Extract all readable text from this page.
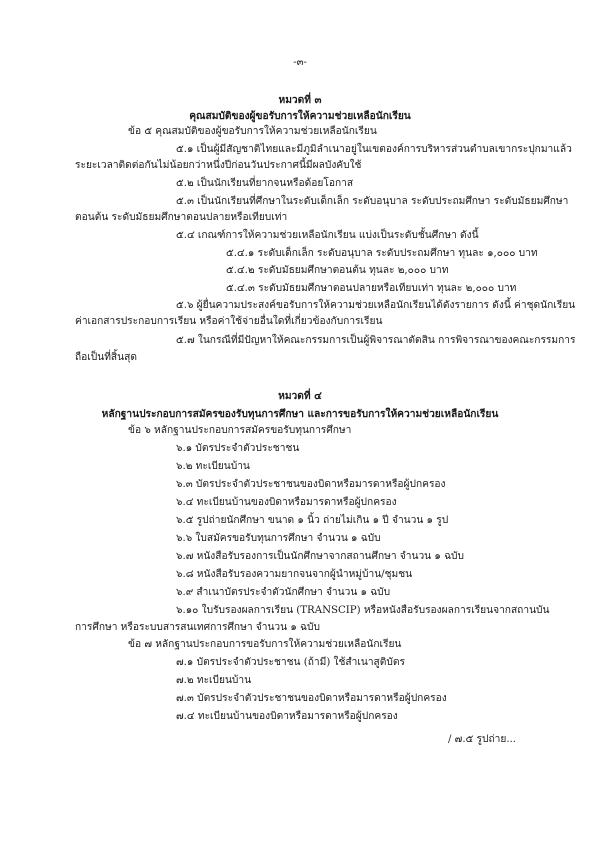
-๓-
หมวดที่ ๓
คุณสมบัติของผู้ขอรับการให้ความช่วยเหลือนักเรียน
ข้อ ๕ คุณสมบัติของผู้ขอรับการให้ความช่วยเหลือนักเรียน
๕.๑ เป็นผู้มีสัญชาติไทยและมีภูมิลำเนาอยู่ในเขตองค์การบริหารส่วนตำบลเขากระปุกมาแล้ว
ระยะเวลาติดต่อกันไม่น้อยกว่าหนึ่งปีก่อนวันประกาศนี้มีผลบังคับใช้
๕.๒ เป็นนักเรียนที่ยากจนหรือด้อยโอกาส
๕.๓ เป็นนักเรียนที่ศึกษาในระดับเด็กเล็ก ระดับอนุบาล ระดับประถมศึกษา ระดับมัธยมศึกษา
ตอนต้น ระดับมัธยมศึกษาตอนปลายหรือเทียบเท่า
๕.๔ เกณฑ์การให้ความช่วยเหลือนักเรียน แบ่งเป็นระดับชั้นศึกษา ดังนี้
๕.๔.๑ ระดับเด็กเล็ก ระดับอนุบาล ระดับประถมศึกษา ทุนละ ๑,๐๐๐ บาท
๕.๔.๒ ระดับมัธยมศึกษาตอนต้น ทุนละ ๒,๐๐๐ บาท
๕.๔.๓ ระดับมัธยมศึกษาตอนปลายหรือเทียบเท่า ทุนละ ๒,๐๐๐ บาท
๕.๖ ผู้ยื่นความประสงค์ขอรับการให้ความช่วยเหลือนักเรียนได้ดังรายการ ดังนี้ ค่าชุดนักเรียน
ค่าเอกสารประกอบการเรียน หรือค่าใช้จ่ายอื่นใดที่เกี่ยวข้องกับการเรียน
๕.๗ ในกรณีที่มีปัญหาให้คณะกรรมการเป็นผู้พิจารณาตัดสิน การพิจารณาของคณะกรรมการ
ถือเป็นที่สิ้นสุด
หมวดที่ ๔
หลักฐานประกอบการสมัครของรับทุนการศึกษา และการขอรับการให้ความช่วยเหลือนักเรียน
ข้อ ๖ หลักฐานประกอบการสมัครขอรับทุนการศึกษา
๖.๑ บัตรประจำตัวประชาชน
๖.๒ ทะเบียนบ้าน
๖.๓ บัตรประจำตัวประชาชนของบิดาหรือมารดาหรือผู้ปกครอง
๖.๔ ทะเบียนบ้านของบิดาหรือมารดาหรือผู้ปกครอง
๖.๕ รูปถ่ายนักศึกษา ขนาด ๑ นิ้ว ถ่ายไม่เกิน ๑ ปี จำนวน ๑ รูป
๖.๖ ใบสมัครขอรับทุนการศึกษา จำนวน ๑ ฉบับ
๖.๗ หนังสือรับรองการเป็นนักศึกษาจากสถานศึกษา จำนวน ๑ ฉบับ
๖.๘ หนังสือรับรองความยากจนจากผู้นำหมู่บ้าน/ชุมชน
๖.๙ สำเนาบัตรประจำตัวนักศึกษา จำนวน ๑ ฉบับ
๖.๑๐ ใบรับรองผลการเรียน (TRANSCIP) หรือหนังสือรับรองผลการเรียนจากสถานบัน
การศึกษา หรือระบบสารสนเทศการศึกษา จำนวน ๑ ฉบับ
ข้อ ๗ หลักฐานประกอบการขอรับการให้ความช่วยเหลือนักเรียน
๗.๑ บัตรประจำตัวประชาชน (ถ้ามี) ใช้สำเนาสูติบัตร
๗.๒ ทะเบียนบ้าน
๗.๓ บัตรประจำตัวประชาชนของบิดาหรือมารดาหรือผู้ปกครอง
๗.๔ ทะเบียนบ้านของบิดาหรือมารดาหรือผู้ปกครอง
/ ๗.๕ รูปถ่าย...
